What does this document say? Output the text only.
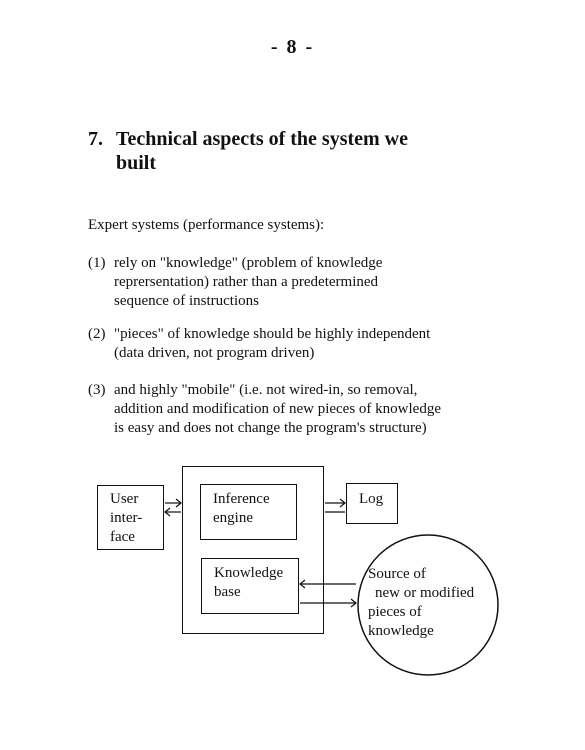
- 8 -
7. Technical aspects of the system we
built
Expert systems (performance systems):
(1) rely on "knowledge" (problem of knowledge
reprersentation) rather than a predetermined
sequence of instructions
(2) "pieces" of knowledge should be highly independent
(data driven, not program driven)
(3) and highly "mobile" (i.e. not wired-in, so removal,
addition and modification of new pieces of knowledge
is easy and does not change the program's structure)
User
inter-
face
Inference
engine
Knowledge
base
Log
Source of
new or modified
pieces of
knowledge
